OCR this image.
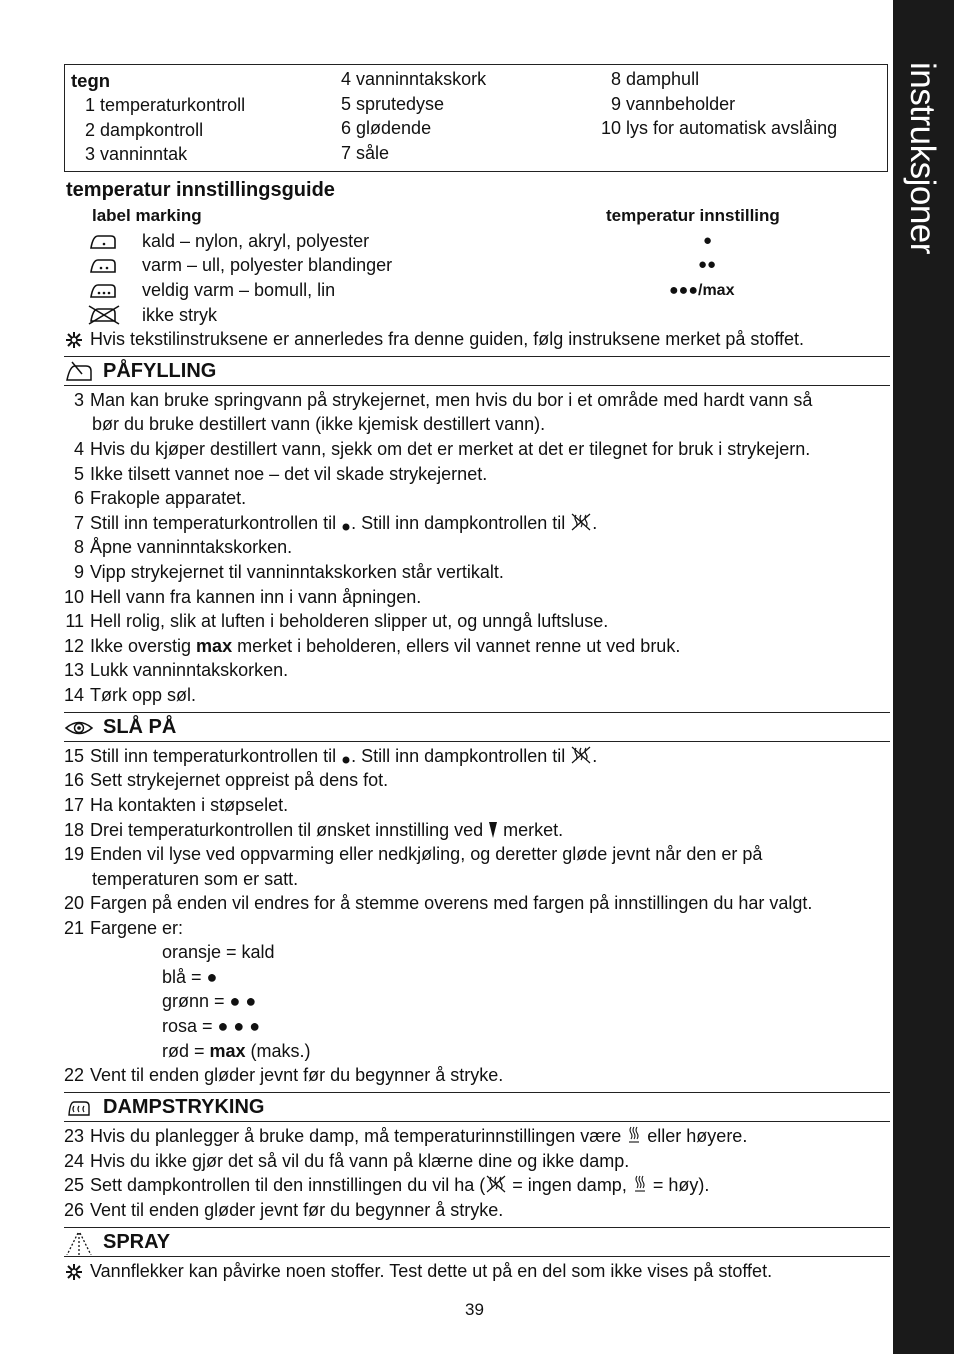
instruksjoner
tegn
1 temperaturkontroll
2 dampkontroll
3 vanninntak
4 vanninntakskork
5 sprutedyse
6 glødende
7 såle
8 damphull
9 vannbeholder
10 lys for automatisk avslåing
temperatur innstillingsguide
label marking	temperatur innstilling
kald – nylon, akryl, polyester
varm – ull, polyester blandinger
veldig varm – bomull, lin
ikke stryk
●
●●
●●●/max
Hvis tekstilinstruksene er annerledes fra denne guiden, følg instruksene merket på stoffet.
PÅFYLLING
3 Man kan bruke springvann på strykejernet, men hvis du bor i et område med hardt vann så
bør du bruke destillert vann (ikke kjemisk destillert vann).
4 Hvis du kjøper destillert vann, sjekk om det er merket at det er tilegnet for bruk i strykejern.
5 Ikke tilsett vannet noe – det vil skade strykejernet.
6 Frakople apparatet.
7 Still inn temperaturkontrollen til . Still inn dampkontrollen til .
8 Åpne vanninntakskorken.
9 Vipp strykejernet til vanninntakskorken står vertikalt.
10 Hell vann fra kannen inn i vann åpningen.
11 Hell rolig, slik at luften i beholderen slipper ut, og unngå luftsluse.
12 Ikke overstig max merket i beholderen, ellers vil vannet renne ut ved bruk.
13 Lukk vanninntakskorken.
14 Tørk opp søl.
SLÅ PÅ
15 Still inn temperaturkontrollen til . Still inn dampkontrollen til .
16 Sett strykejernet oppreist på dens fot.
17 Ha kontakten i støpselet.
18 Drei temperaturkontrollen til ønsket innstilling ved  merket.
19 Enden vil lyse ved oppvarming eller nedkjøling, og deretter gløde jevnt når den er på
temperaturen som er satt.
20 Fargen på enden vil endres for å stemme overens med fargen på innstillingen du har valgt.
21 Fargene er:
oransje = kald
blå = ●
grønn = ● ●
rosa = ● ● ●
rød = max (maks.)
22 Vent til enden gløder jevnt før du begynner å stryke.
DAMPSTRYKING
23 Hvis du planlegger å bruke damp, må temperaturinnstillingen være  eller høyere.
24 Hvis du ikke gjør det så vil du få vann på klærne dine og ikke damp.
25 Sett dampkontrollen til den innstillingen du vil ha ( = ingen damp,  = høy).
26 Vent til enden gløder jevnt før du begynner å stryke.
SPRAY
Vannflekker kan påvirke noen stoffer. Test dette ut på en del som ikke vises på stoffet.
39
